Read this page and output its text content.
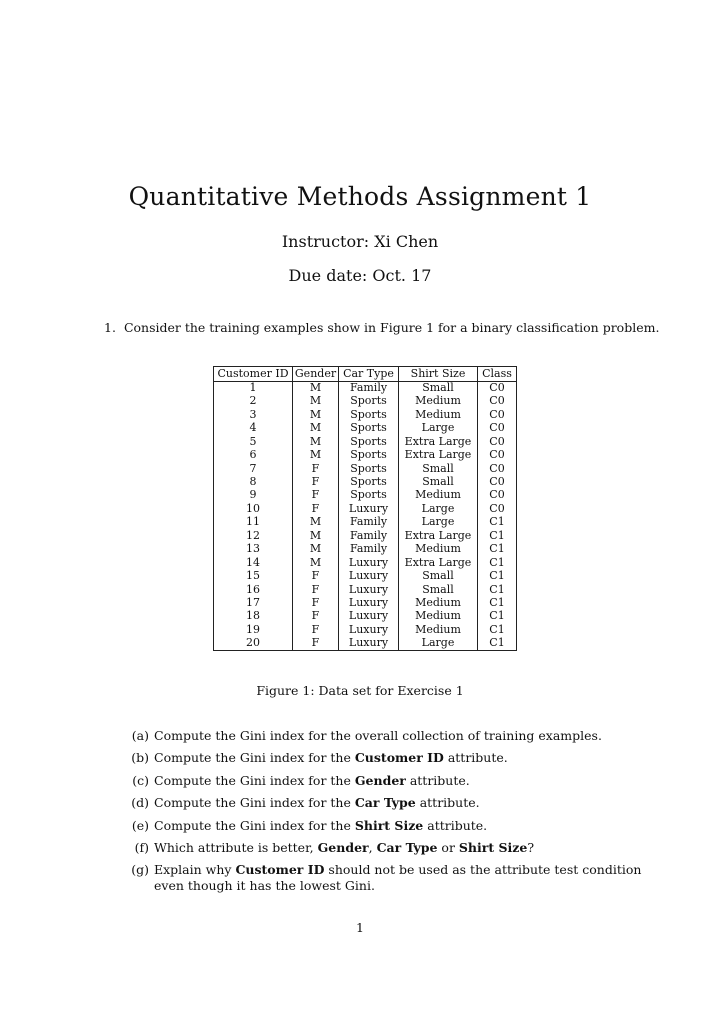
Quantitative Methods Assignment 1
Instructor: Xi Chen
Due date: Oct. 17
1. Consider the training examples show in Figure 1 for a binary classification problem.
Customer ID	Gender	Car Type	Shirt Size	Class
1	M	Family	Small	C0
2	M	Sports	Medium	C0
3	M	Sports	Medium	C0
4	M	Sports	Large	C0
5	M	Sports	Extra Large	C0
6	M	Sports	Extra Large	C0
7	F	Sports	Small	C0
8	F	Sports	Small	C0
9	F	Sports	Medium	C0
10	F	Luxury	Large	C0
11	M	Family	Large	C1
12	M	Family	Extra Large	C1
13	M	Family	Medium	C1
14	M	Luxury	Extra Large	C1
15	F	Luxury	Small	C1
16	F	Luxury	Small	C1
17	F	Luxury	Medium	C1
18	F	Luxury	Medium	C1
19	F	Luxury	Medium	C1
20	F	Luxury	Large	C1
Figure 1: Data set for Exercise 1
(a) Compute the Gini index for the overall collection of training examples.
(b) Compute the Gini index for the Customer ID attribute.
(c) Compute the Gini index for the Gender attribute.
(d) Compute the Gini index for the Car Type attribute.
(e) Compute the Gini index for the Shirt Size attribute.
(f) Which attribute is better, Gender, Car Type or Shirt Size?
(g) Explain why Customer ID should not be used as the attribute test condition even though it has the lowest Gini.
1
